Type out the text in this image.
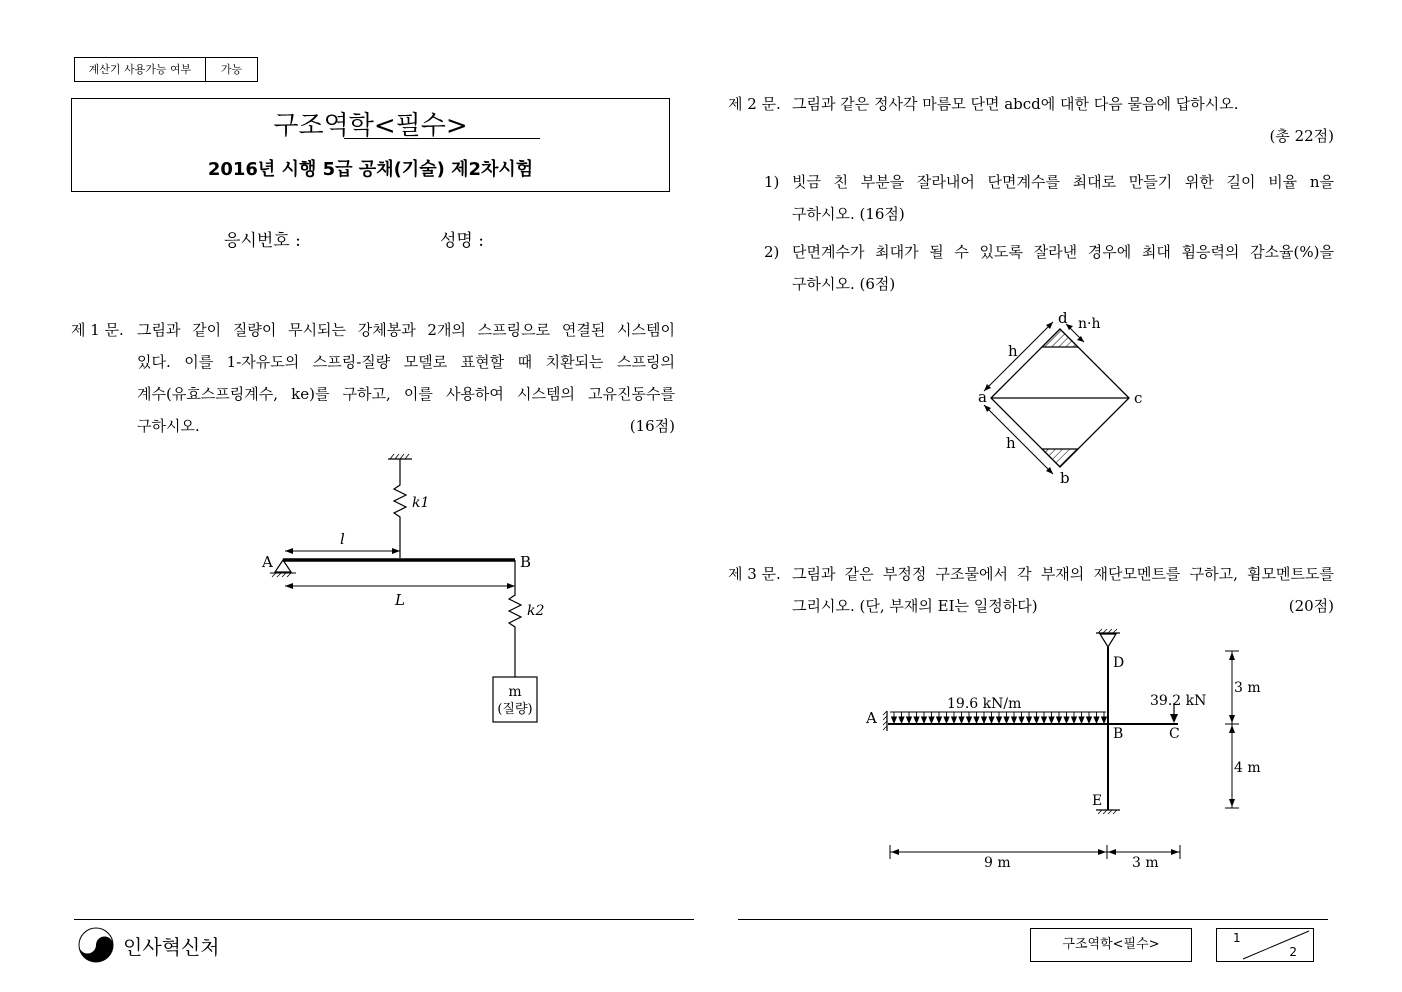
계산기 사용가능 여부	가능
구조역학<필수>
2016년 시행 5급 공채(기술) 제2차시험
응시번호 :	성명 :
제 1 문. 그림과 같이 질량이 무시되는 강체봉과 2개의 스프링으로 연결된 시스템이
있다. 이를 1-자유도의 스프링-질량 모델로 표현할 때 치환되는 스프링의
계수(유효스프링계수, ke)를 구하고, 이를 사용하여 시스템의 고유진동수를
구하시오.	(16점)
k1
l
A	B
L
k2
m
(질량)
제 2 문. 그림과 같은 정사각 마름모 단면 abcd에 대한 다음 물음에 답하시오.
(총 22점)
1) 빗금 친 부분을 잘라내어 단면계수를 최대로 만들기 위한 길이 비율 n을
구하시오. (16점)
2) 단면계수가 최대가 될 수 있도록 잘라낸 경우에 최대 휨응력의 감소율(%)을
구하시오. (6점)
n·h
h
h
a	c
d
b
제 3 문. 그림과 같은 부정정 구조물에서 각 부재의 재단모멘트를 구하고, 휨모멘트도를
그리시오. (단, 부재의 EI는 일정하다)	(20점)
19.6 kN/m	39.2 kN
A
B	C
D
E
3 m
4 m
9 m	3 m
인사혁신처	구조역학<필수>	1
2
